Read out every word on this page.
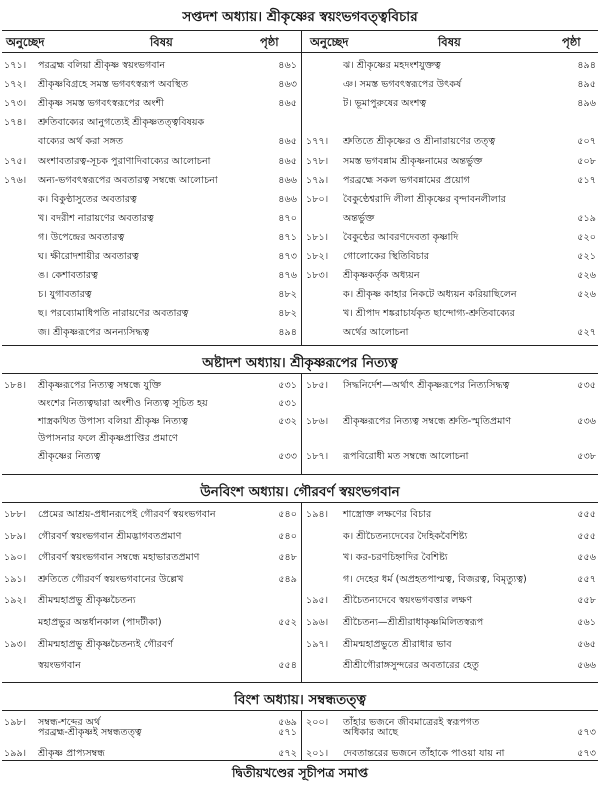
সপ্তদশ অধ্যায়। শ্রীকৃষ্ণের স্বয়ংভগবত্ত্ববিচার
অনুচ্ছেদ	বিষয়	পৃষ্ঠা	অনুচ্ছেদ	বিষয়	পৃষ্ঠা
১৭১। পরব্রহ্ম বলিয়া শ্রীকৃষ্ণ স্বয়ংভগবান	৪৬১
১৭২। শ্রীকৃষ্ণবিগ্রহে সমস্ত ভগবৎস্বরূপ অবস্থিত	৪৬৩
১৭৩। শ্রীকৃষ্ণ সমস্ত ভগবৎস্বরূপের অংশী	৪৬৫
১৭৪। শ্রুতিবাক্যের আনুগত্যেই শ্রীকৃষ্ণতত্ত্ববিষয়ক
বাক্যের অর্থ করা সঙ্গত	৪৬৫
১৭৫। অংশাবতারত্ব-সূচক পুরাণাদিবাক্যের আলোচনা	৪৬৫
১৭৬। অন্য-ভগবৎস্বরূপের অবতারত্ব সম্বন্ধে আলোচনা	৪৬৬
ক। বিকুণ্ঠাসুতের অবতারত্ব	৪৬৬
খ। বদরীশ নারায়ণের অবতারত্ব	৪৭০
গ। উপেন্দ্রের অবতারত্ব	৪৭১
ঘ। ক্ষীরোদশায়ীর অবতারত্ব	৪৭৩
ঙ। কেশাবতারত্ব	৪৭৬
চ। যুগাবতারত্ব	৪৮২
ছ। পরব্যোমাধিপতি নারায়ণের অবতারত্ব	৪৮২
জ। শ্রীকৃষ্ণরূপের অনন্যসিদ্ধত্ব	৪৯৪
ঝ। শ্রীকৃষ্ণের মহদংশযুক্তত্ব	৪৯৪
ঞ। সমস্ত ভগবৎস্বরূপের উৎকর্ষ	৪৯৫
ট। ভূমাপুরুষের অংশত্ব	৪৯৬
১৭৭। শ্রুতিতে শ্রীকৃষ্ণের ও শ্রীনারায়ণের তত্ত্ব	৫০৭
১৭৮। সমস্ত ভগবন্নাম শ্রীকৃষ্ণনামের অন্তর্ভুক্ত	৫০৮
১৭৯। পরব্রহ্মে সকল ভগবন্নামের প্রয়োগ	৫১৭
১৮০। বৈকুণ্ঠেশ্বরাদি লীলা শ্রীকৃষ্ণের বৃন্দাবনলীলার
অন্তর্ভুক্ত	৫১৯
১৮১। বৈকুণ্ঠের আবরণদেবতা কৃষ্ণাদি	৫২০
১৮২। গোলোকের স্থিতিবিচার	৫২১
১৮৩। শ্রীকৃষ্ণকর্তৃক অধ্যয়ন	৫২৬
ক। শ্রীকৃষ্ণ কাহার নিকটে অধ্যয়ন করিয়াছিলেন	৫২৬
খ। শ্রীপাদ শঙ্করাচার্যকৃত ছান্দোগ্য-শ্রুতিবাক্যের
অর্থের আলোচনা	৫২৭
অষ্টাদশ অধ্যায়। শ্রীকৃষ্ণরূপের নিত্যত্ব
১৮৪। শ্রীকৃষ্ণরূপের নিত্যত্ব সম্বন্ধে যুক্তি	৫৩১
অংশের নিত্যত্বদ্বারা অংশীও নিত্যত্ব সূচিত হয়	৫৩১
শাস্ত্রকথিত উপাস্য বলিয়া শ্রীকৃষ্ণ নিত্যত্ব	৫৩২
উপাসনার ফলে শ্রীকৃষ্ণপ্রাপ্তির প্রমাণে
শ্রীকৃষ্ণের নিত্যত্ব	৫৩৩
১৮৫। সিদ্ধনির্দেশ—অর্থাৎ শ্রীকৃষ্ণরূপের নিত্যসিদ্ধত্ব	৫৩৫
১৮৬। শ্রীকৃষ্ণরূপের নিত্যত্ব সম্বন্ধে শ্রুতি-স্মৃতিপ্রমাণ	৫৩৬
১৮৭। রূপবিরোধী মত সম্বন্ধে আলোচনা	৫৩৮
উনবিংশ অধ্যায়। গৌরবর্ণ স্বয়ংভগবান
১৮৮। প্রেমের আশ্রয়-প্রধানরূপেই গৌরবর্ণ স্বয়ংভগবান	৫৪০
১৮৯। গৌরবর্ণ স্বয়ংভগবান শ্রীমদ্ভাগবতপ্রমাণ	৫৪০
১৯০। গৌরবর্ণ স্বয়ংভগবান সম্বন্ধে মহাভারতপ্রমাণ	৫৪৮
১৯১। শ্রুতিতে গৌরবর্ণ স্বয়ংভগবানের উল্লেখ	৫৪৯
১৯২। শ্রীমন্মহাপ্রভু শ্রীকৃষ্ণচৈতন্য
মহাপ্রভুর অন্তর্ধানকাল (পাদটীকা)	৫৫২
১৯৩। শ্রীমন্মহাপ্রভু শ্রীকৃষ্ণচৈতন্যই গৌরবর্ণ
স্বয়ংভগবান	৫৫৪
১৯৪। শাস্ত্রোক্ত লক্ষণের বিচার	৫৫৫
ক। শ্রীচৈতন্যদেবের দৈহিকবৈশিষ্ট্য	৫৫৫
খ। কর-চরণচিহ্নাদির বৈশিষ্ট্য	৫৫৬
গ। দেহের ধর্ম (অপ্রহতপাপ্মত্ব, বিজরত্ব, বিমৃত্যুত্ব)	৫৫৭
১৯৫। শ্রীচৈতন্যদেবে স্বয়ংভগবত্তার লক্ষণ	৫৫৮
১৯৬। শ্রীচৈতন্য—শ্রীশ্রীরাধাকৃষ্ণমিলিতস্বরূপ	৫৬১
১৯৭। শ্রীমন্মহাপ্রভুতে শ্রীরাধার ভাব	৫৬৫
শ্রীশ্রীগৌরাঙ্গসুন্দরের অবতারের হেতু	৫৬৬
বিংশ অধ্যায়। সম্বন্ধতত্ত্ব
১৯৮। সম্বন্ধ-শব্দের অর্থ	৫৬৯
পরব্রহ্ম-শ্রীকৃষ্ণই সম্বন্ধতত্ত্ব	৫৭১
১৯৯। শ্রীকৃষ্ণ প্রাপ্যসম্বন্ধ	৫৭২
২০০। তাঁহার ভজনে জীবমাত্রেরই স্বরূপগত
অধিকার আছে	৫৭৩
২০১। দেবতান্তরের ভজনে তাঁহাকে পাওয়া যায় না	৫৭৩
দ্বিতীয়খণ্ডের সূচীপত্র সমাপ্ত
